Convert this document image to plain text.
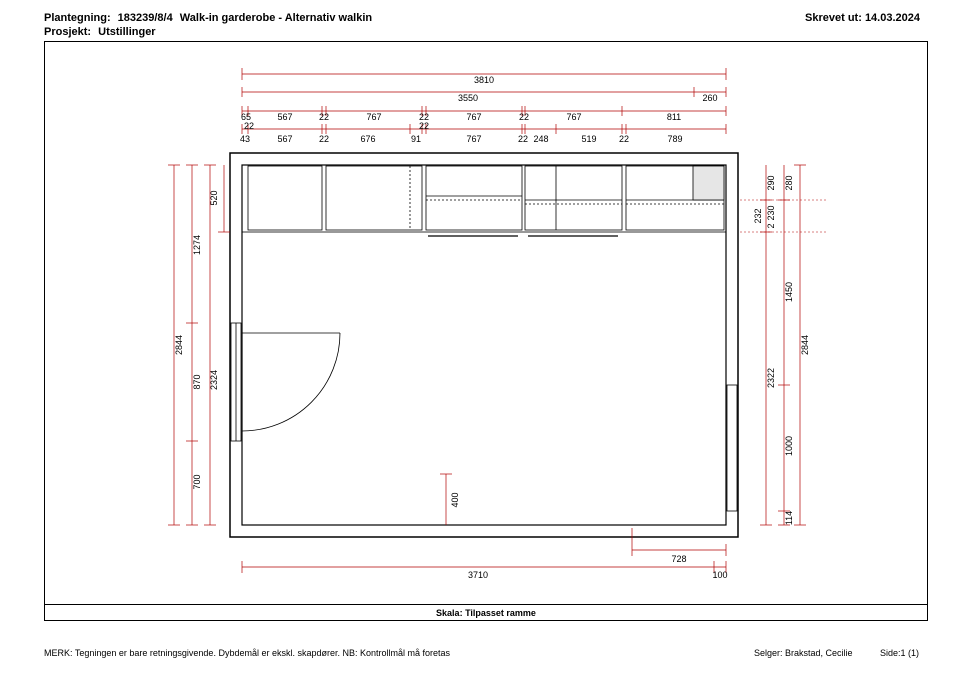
Plantegning: 183239/8/4 Walk-in garderobe - Alternativ walkin
Prosjekt: Utstillinger
Skrevet ut: 14.03.2024
3810
3550	260
65	567	22	767	22	767	22	767	811
22	22
43	567	22	676	91	767	22 248	519 22	789
2844
1274
520
870 2324
700
290 280
232
2
230
1450
2322
2844
1000
114
400
728
3710	100
Skala: Tilpasset ramme
MERK: Tegningen er bare retningsgivende. Dybdemål er ekskl. skapdører. NB: Kontrollmål må foretas	Selger: Brakstad, Cecilie	Side:1 (1)
